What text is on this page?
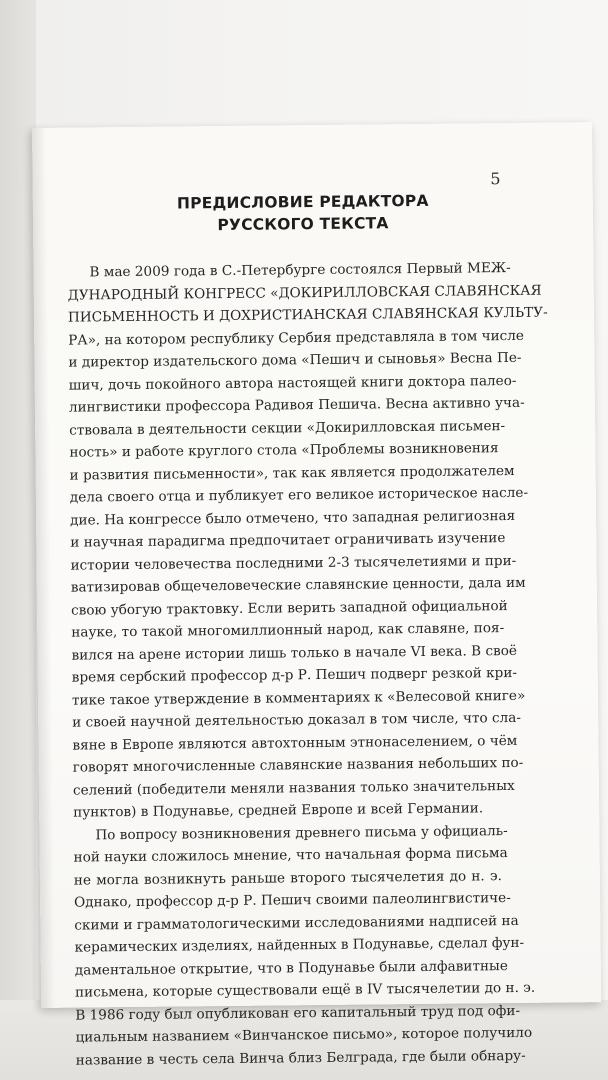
5
ПРЕДИСЛОВИЕ РЕДАКТОРА
РУССКОГО ТЕКСТА
В мае 2009 года в С.-Петербурге состоялся Первый МЕЖ-
ДУНАРОДНЫЙ КОНГРЕСС «ДОКИРИЛЛОВСКАЯ СЛАВЯНСКАЯ
ПИСЬМЕННОСТЬ И ДОХРИСТИАНСКАЯ СЛАВЯНСКАЯ КУЛЬТУ-
РА», на котором республику Сербия представляла в том числе
и директор издательского дома «Пешич и сыновья» Весна Пе-
шич, дочь покойного автора настоящей книги доктора палео-
лингвистики профессора Радивоя Пешича. Весна активно уча-
ствовала в деятельности секции «Докирилловская письмен-
ность» и работе круглого стола «Проблемы возникновения
и развития письменности», так как является продолжателем
дела своего отца и публикует его великое историческое насле-
дие. На конгрессе было отмечено, что западная религиозная
и научная парадигма предпочитает ограничивать изучение
истории человечества последними 2-3 тысячелетиями и при-
ватизировав общечеловеческие славянские ценности, дала им
свою убогую трактовку. Если верить западной официальной
науке, то такой многомиллионный народ, как славяне, поя-
вился на арене истории лишь только в начале VI века. В своё
время сербский профессор д-р Р. Пешич подверг резкой кри-
тике такое утверждение в комментариях к «Велесовой книге»
и своей научной деятельностью доказал в том числе, что сла-
вяне в Европе являются автохтонным этнонаселением, о чём
говорят многочисленные славянские названия небольших по-
селений (победители меняли названия только значительных
пунктов) в Подунавье, средней Европе и всей Германии.
По вопросу возникновения древнего письма у официаль-
ной науки сложилось мнение, что начальная форма письма
не могла возникнуть раньше второго тысячелетия до н. э.
Однако, профессор д-р Р. Пешич своими палеолингвистиче-
скими и грамматологическими исследованиями надписей на
керамических изделиях, найденных в Подунавье, сделал фун-
даментальное открытие, что в Подунавье были алфавитные
письмена, которые существовали ещё в IV тысячелетии до н. э.
В 1986 году был опубликован его капитальный труд под офи-
циальным названием «Винчанское письмо», которое получило
название в честь села Винча близ Белграда, где были обнару-
